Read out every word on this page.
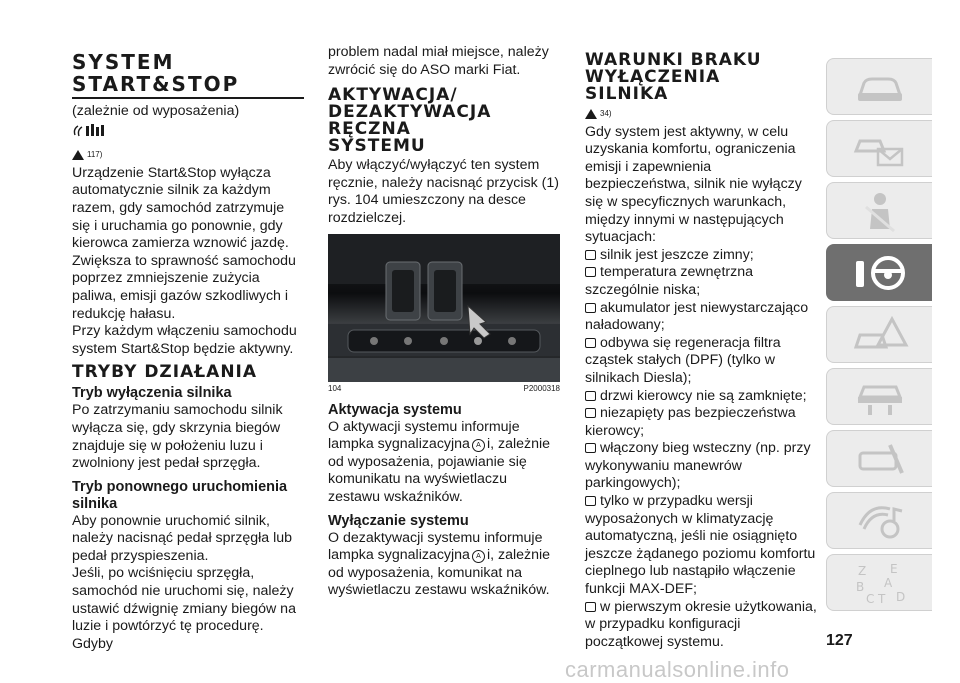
SYSTEM
START&STOP

(zależnie od wyposażenia)

117)

Urządzenie Start&Stop wyłącza automatycznie silnik za każdym razem, gdy samochód zatrzymuje się i uruchamia go ponownie, gdy kierowca zamierza wznowić jazdę.

Zwiększa to sprawność samochodu poprzez zmniejszenie zużycia paliwa, emisji gazów szkodliwych i redukcję hałasu.

Przy każdym włączeniu samochodu system Start&Stop będzie aktywny.

TRYBY DZIAŁANIA

Tryb wyłączenia silnika

Po zatrzymaniu samochodu silnik wyłącza się, gdy skrzynia biegów znajduje się w położeniu luzu i zwolniony jest pedał sprzęgła.

Tryb ponownego uruchomienia silnika

Aby ponownie uruchomić silnik, należy nacisnąć pedał sprzęgła lub pedał przyspieszenia.

Jeśli, po wciśnięciu sprzęgła, samochód nie uruchomi się, należy ustawić dźwignię zmiany biegów na luzie i powtórzyć tę procedurę. Gdyby

problem nadal miał miejsce, należy zwrócić się do ASO marki Fiat.

AKTYWACJA/ DEZAKTYWACJA RĘCZNA SYSTEMU

Aby włączyć/wyłączyć ten system ręcznie, należy nacisnąć przycisk (1) rys. 104 umieszczony na desce rozdzielczej.

104	P2000318

Aktywacja systemu

O aktywacji systemu informuje lampka sygnalizacyjna A i, zależnie od wyposażenia, pojawianie się komunikatu na wyświetlaczu zestawu wskaźników.

Wyłączanie systemu

O dezaktywacji systemu informuje lampka sygnalizacyjna A i, zależnie od wyposażenia, komunikat na wyświetlaczu zestawu wskaźników.

WARUNKI BRAKU WYŁĄCZENIA SILNIKA
34)

Gdy system jest aktywny, w celu uzyskania komfortu, ograniczenia emisji i zapewnienia bezpieczeństwa, silnik nie wyłączy się w specyficznych warunkach, między innymi w następujących sytuacjach:

silnik jest jeszcze zimny;

temperatura zewnętrzna szczególnie niska;

akumulator jest niewystarczająco naładowany;

odbywa się regeneracja filtra cząstek stałych (DPF) (tylko w silnikach Diesla);

drzwi kierowcy nie są zamknięte;

niezapięty pas bezpieczeństwa kierowcy;

włączony bieg wsteczny (np. przy wykonywaniu manewrów parkingowych);

tylko w przypadku wersji wyposażonych w klimatyzację automatyczną, jeśli nie osiągnięto jeszcze żądanego poziomu komfortu cieplnego lub nastąpiło włączenie funkcji MAX-DEF;

w pierwszym okresie użytkowania, w przypadku konfiguracji początkowej systemu.

Z E
B A
C T D
127
carmanualsonline.info
